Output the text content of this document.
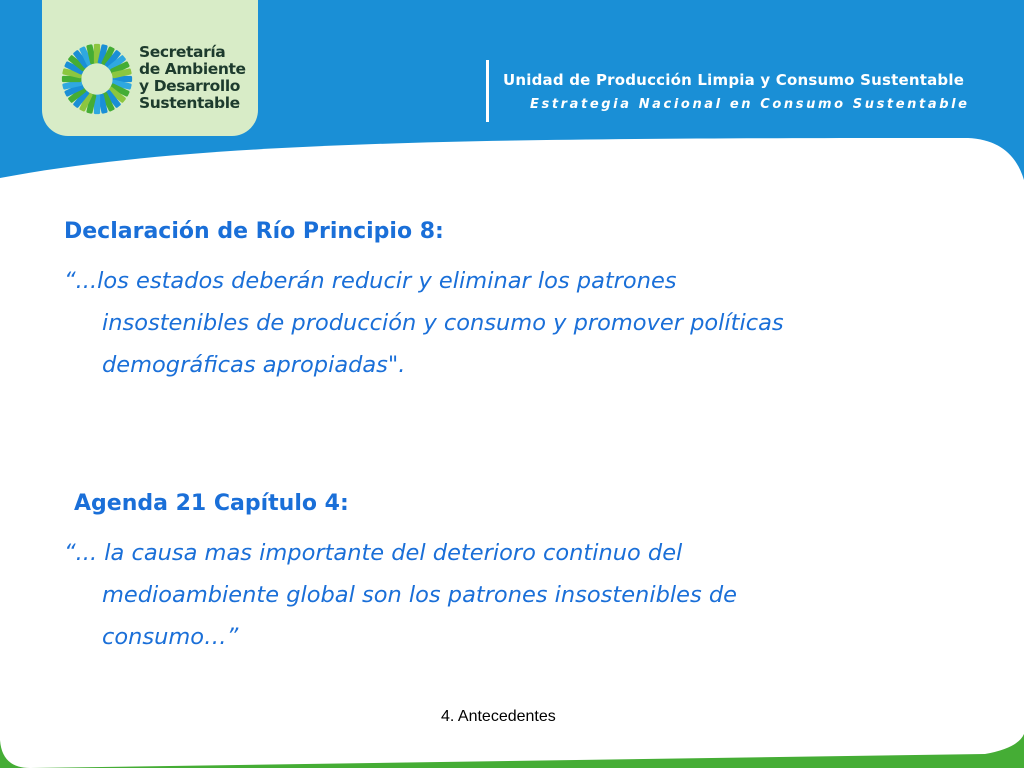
Secretaría
de Ambiente
y Desarrollo
Sustentable
Unidad de Producción Limpia y Consumo Sustentable
Estrategia Nacional en Consumo Sustentable
Declaración de Río Principio 8:
“...los estados deberán reducir y eliminar los patrones
insostenibles de producción y consumo y promover políticas
demográficas apropiadas".
Agenda 21 Capítulo 4:
“... la causa mas importante del deterioro continuo del
medioambiente global son los patrones insostenibles de
consumo…”
4. Antecedentes
